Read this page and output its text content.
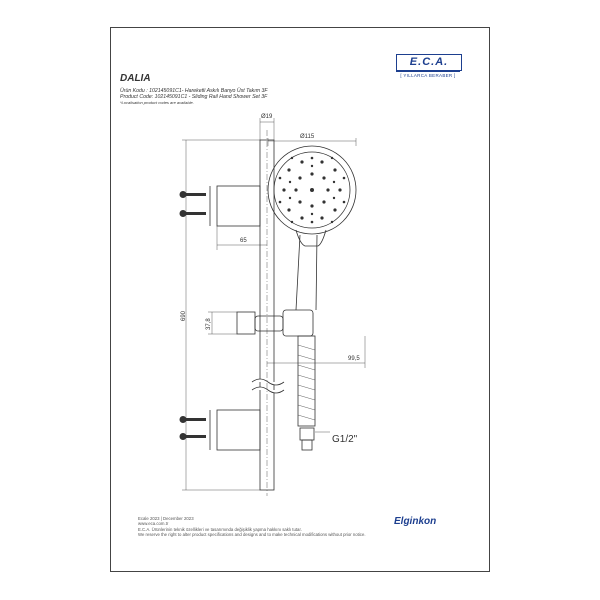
E.C.A.
[ YILLARCA BERABER ]
DALIA
Ürün Kodu : 102145091C1- Hareketli Askılı Banyo Üst Takım 3F
Product Code: 102145091C1 - Sliding Rail Hand Shower Set 3F
*Localisation product codes are available.
Ø19
Ø115
65
690
37,8
99,5
G1/2"
Ecale 2023 | December 2023
www.eca.com.tr
E.C.A. Ürünlerinin teknik özellikleri ve tasarımında değişiklik yapma hakkını saklı tutar.
We reserve the right to alter product specifications and designs and to make technical modifications without prior notice.
Elginkon
